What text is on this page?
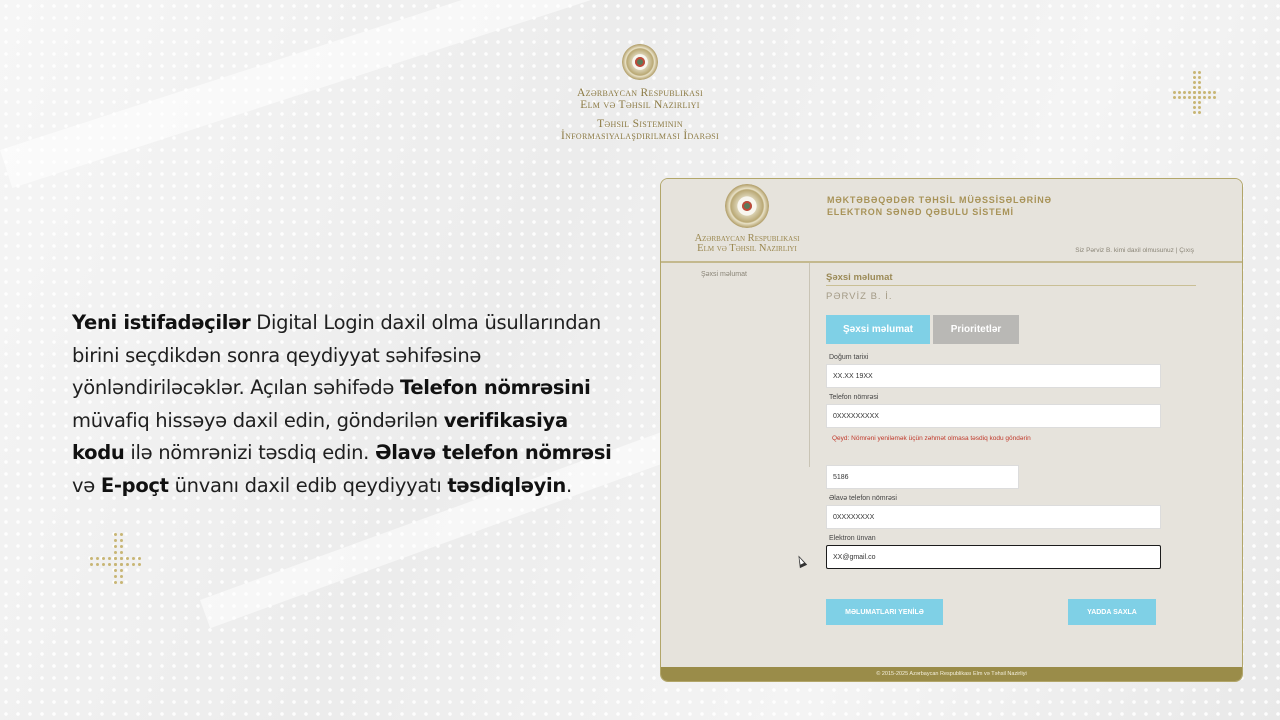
Azərbaycan Respublikası
Elm və Təhsil Nazirliyi
Təhsil Sisteminin
İnformasiyalaşdırılması İdarəsi
Yeni istifadəçilər Digital Login daxil olma üsullarından birini seçdikdən sonra qeydiyyat səhifəsinə yönləndiriləcəklər. Açılan səhifədə Telefon nömrəsini müvafiq hissəyə daxil edin, göndərilən verifikasiya kodu ilə nömrənizi təsdiq edin. Əlavə telefon nömrəsi və E-poçt ünvanı daxil edib qeydiyyatı təsdiqləyin.
Azərbaycan Respublikası
Elm və Təhsil Nazirliyi
MƏKTƏBƏQƏDƏR TƏHSİL MÜƏSSİSƏLƏRİNƏ
ELEKTRON SƏNƏD QƏBULU SİSTEMİ
Siz Pərviz B. kimi daxil olmusunuz | Çıxış
Şəxsi məlumat	Şəxsi məlumat
PƏRVİZ B. İ.
Şəxsi məlumat	Prioritetlər
Doğum tarixi
XX.XX 19XX
Telefon nömrəsi
0XXXXXXXXX
Qeyd: Nömrəni yeniləmək üçün zəhmət olmasa təsdiq kodu göndərin
5186
Əlavə telefon nömrəsi
0XXXXXXXX
Elektron ünvan
XX@gmail.co
MƏLUMATLARI YENİLƏ	YADDA SAXLA
© 2015-2025 Azərbaycan Respublikası Elm və Təhsil Nazirliyi
